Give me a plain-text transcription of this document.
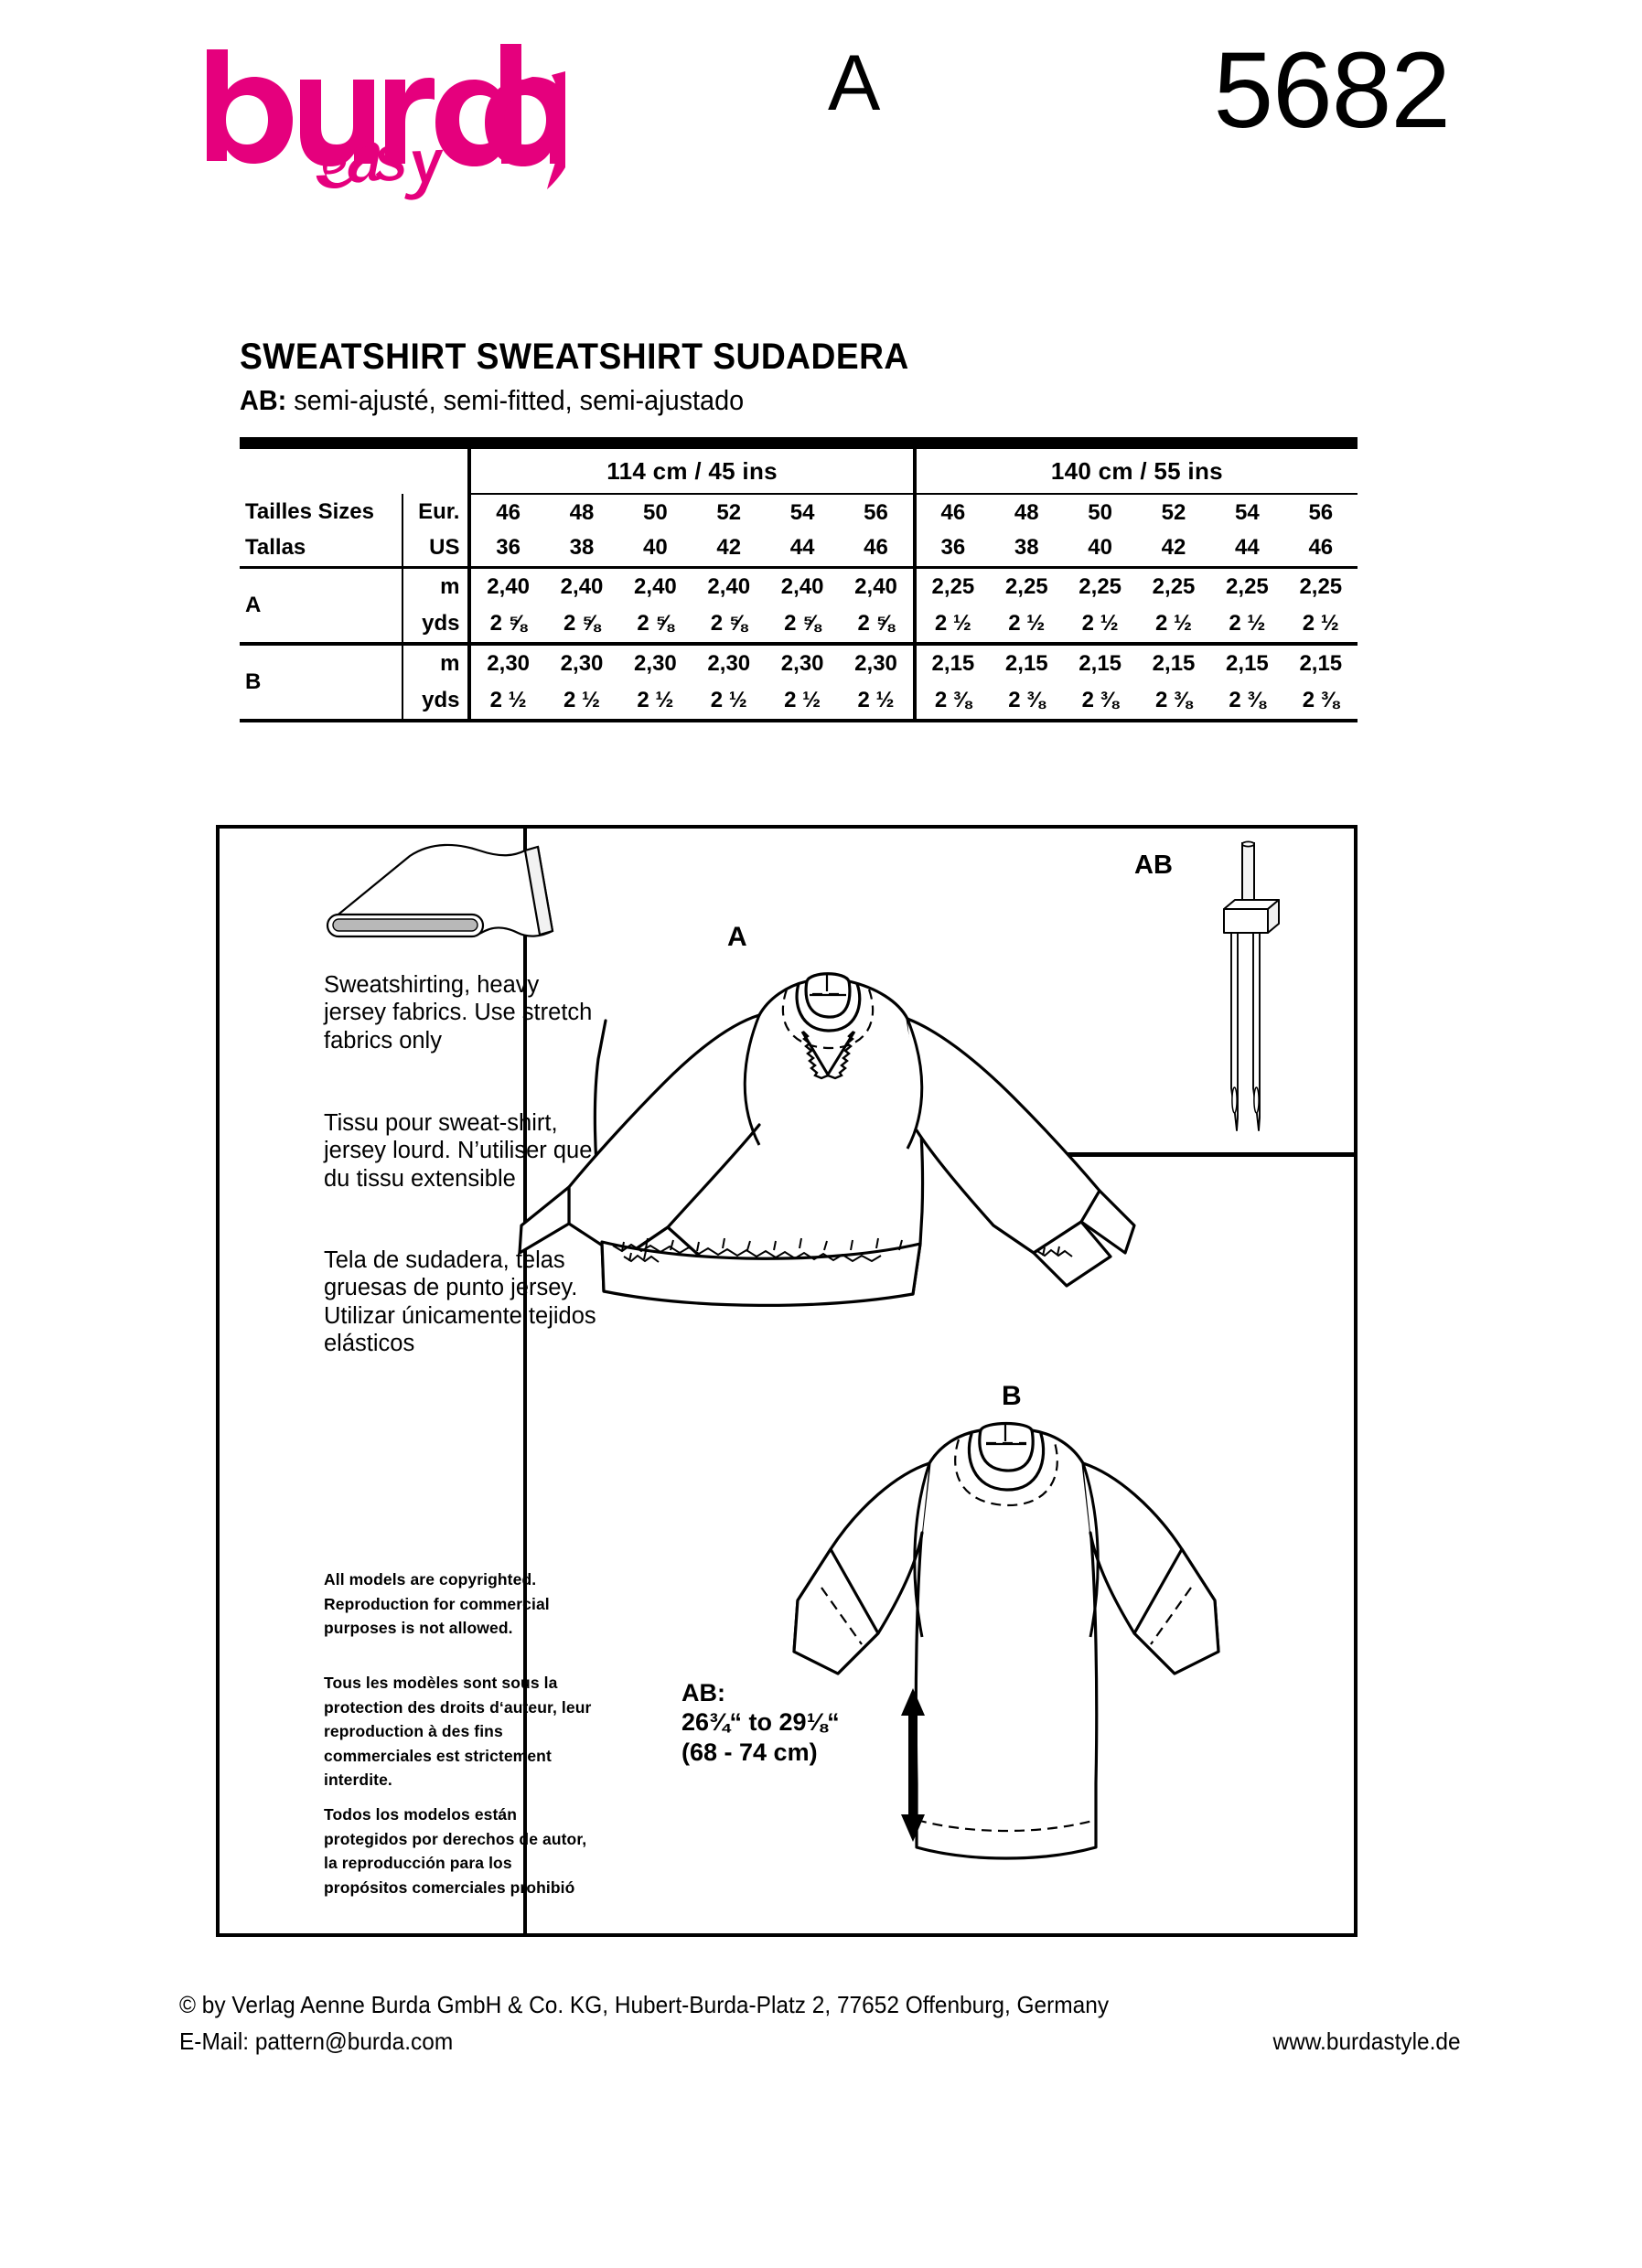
A	5682
SWEATSHIRT SWEATSHIRT SUDADERA
AB: semi-ajusté, semi-fitted, semi-ajustado

		114 cm / 45 ins						140 cm / 55 ins					
Tailles Sizes	Eur.	46	48	50	52	54	56	46	48	50	52	54	56
Tallas	US	36	38	40	42	44	46	36	38	40	42	44	46
A	m	2,40	2,40	2,40	2,40	2,40	2,40	2,25	2,25	2,25	2,25	2,25	2,25
	yds	2 ⅝	2 ⅝	2 ⅝	2 ⅝	2 ⅝	2 ⅝	2 ½	2 ½	2 ½	2 ½	2 ½	2 ½
B	m	2,30	2,30	2,30	2,30	2,30	2,30	2,15	2,15	2,15	2,15	2,15	2,15
	yds	2 ½	2 ½	2 ½	2 ½	2 ½	2 ½	2 ⅜	2 ⅜	2 ⅜	2 ⅜	2 ⅜	2 ⅜
Sweatshirting, heavy jersey fabrics. Use stretch fabrics only
Tissu pour sweat-shirt, jersey lourd. N’utiliser que du tissu extensible
Tela de sudadera, telas gruesas de punto jersey. Utilizar únicamente tejidos elásticos
All models are copyrighted. Reproduction for commercial purposes is not allowed.
Tous les modèles sont sous la protection des droits d‘auteur, leur reproduction à des fins commerciales est strictement interdite.
Todos los modelos están protegidos por derechos de autor, la reproducción para los propósitos comerciales prohibió
AB
A
B
AB:
26¾“ to 29⅛“
(68 - 74 cm)
© by Verlag Aenne Burda GmbH & Co. KG, Hubert-Burda-Platz 2, 77652 Offenburg, Germany
E-Mail: pattern@burda.com	www.burdastyle.de
